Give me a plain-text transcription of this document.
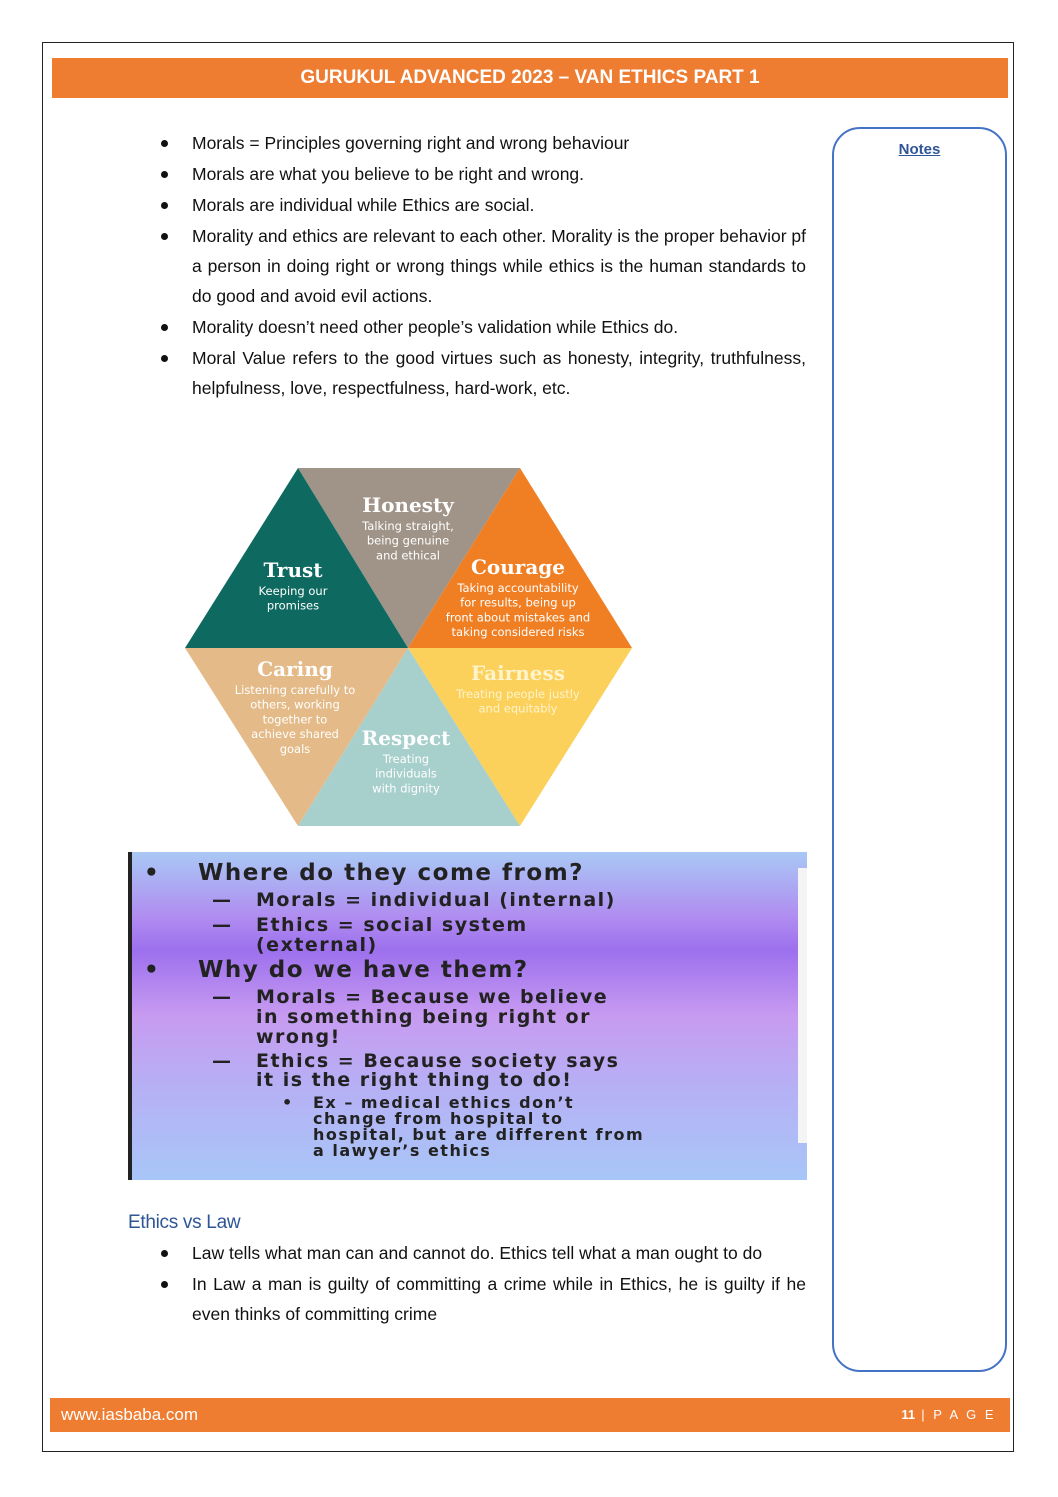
GURUKUL ADVANCED 2023 – VAN ETHICS PART 1
Notes
Morals = Principles governing right and wrong behaviour
Morals are what you believe to be right and wrong.
Morals are individual while Ethics are social.
Morality and ethics are relevant to each other. Morality is the proper behavior pf a person in doing right or wrong things while ethics is the human standards to do good and avoid evil actions.
Morality doesn’t need other people’s validation while Ethics do.
Moral Value refers to the good virtues such as honesty, integrity, truthfulness, helpfulness, love, respectfulness, hard-work, etc.
Honesty
Talking straight,
being genuine
and ethical Courage
Taking accountability
for results, being up
front about mistakes and
taking considered risks
Fairness
Treating people justly
and equitably
Respect
Treating
individuals
with dignity
Caring
Listening carefully to
others, working
together to
achieve shared
goals
Trust
Keeping our
promises
• Where do they come from?
— Morals = individual (internal)
— Ethics = social system
(external)
• Why do we have them?
— Morals = Because we believe
in something being right or
wrong!
— Ethics = Because society says
it is the right thing to do!
• Ex – medical ethics don’t
change from hospital to
hospital, but are different from
a lawyer’s ethics
Ethics vs Law
Law tells what man can and cannot do. Ethics tell what a man ought to do
In Law a man is guilty of committing a crime while in Ethics, he is guilty if he even thinks of committing crime
www.iasbaba.com	11 | P A G E
